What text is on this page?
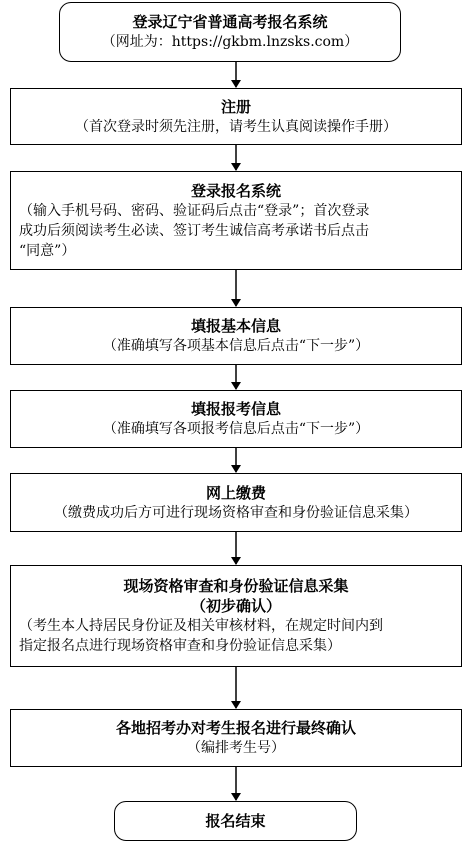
登录辽宁省普通高考报名系统
（网址为：https://gkbm.lnzsks.com）
注册
（首次登录时须先注册，请考生认真阅读操作手册）
登录报名系统
（输入手机号码、密码、验证码后点击“登录”；首次登录
成功后须阅读考生必读、签订考生诚信高考承诺书后点击
“同意”）
填报基本信息
（准确填写各项基本信息后点击“下一步”）
填报报考信息
（准确填写各项报考信息后点击“下一步”）
网上缴费
（缴费成功后方可进行现场资格审查和身份验证信息采集）
现场资格审查和身份验证信息采集
（初步确认）
（考生本人持居民身份证及相关审核材料，在规定时间内到
指定报名点进行现场资格审查和身份验证信息采集）
各地招考办对考生报名进行最终确认
（编排考生号）
报名结束
